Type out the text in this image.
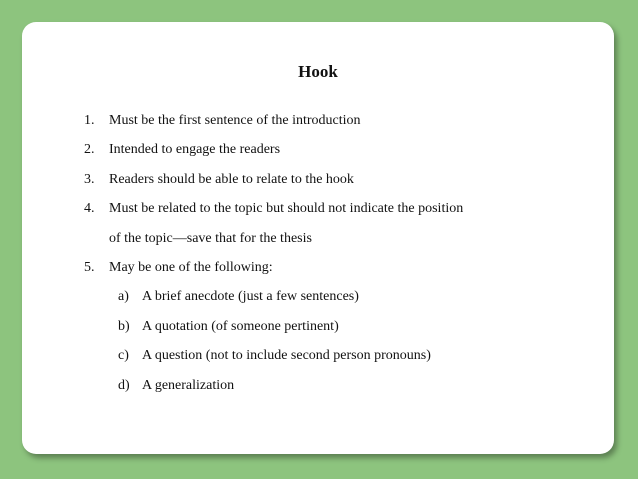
Hook
1. Must be the first sentence of the introduction
2. Intended to engage the readers
3. Readers should be able to relate to the hook
4. Must be related to the topic but should not indicate the position
of the topic—save that for the thesis
5. May be one of the following:
a) A brief anecdote (just a few sentences)
b) A quotation (of someone pertinent)
c) A question (not to include second person pronouns)
d) A generalization
